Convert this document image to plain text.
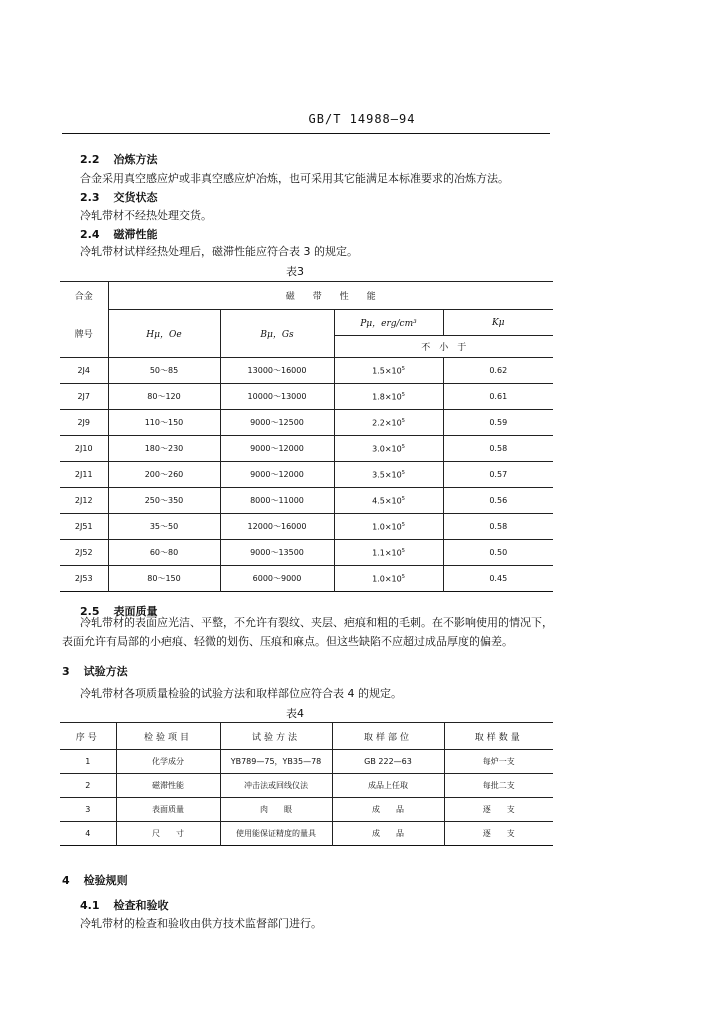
GB/T 14988—94
2.2 冶炼方法
合金采用真空感应炉或非真空感应炉冶炼，也可采用其它能满足本标准要求的冶炼方法。
2.3 交货状态
冷轧带材不经热处理交货。
2.4 磁滞性能
冷轧带材试样经热处理后，磁滞性能应符合表 3 的规定。
表3
合金	磁　　带　　性　　能			
牌号	Hμ，Oe	Bμ，Gs	Pμ，erg/cm³	Kμ
			不　小　于	
2J4	50～85	13000～16000	$1.5\times 10^5$	0.62
2J7	80～120	10000～13000	$1.8\times 10^5$	0.61
2J9	110～150	9000～12500	$2.2\times 10^5$	0.59
2J10	180～230	9000～12000	$3.0\times 10^5$	0.58
2J11	200～260	9000～12000	$3.5\times 10^5$	0.57
2J12	250～350	8000～11000	$4.5\times 10^5$	0.56
2J51	35～50	12000～16000	$1.0\times 10^5$	0.58
2J52	60～80	9000～13500	$1.1\times 10^5$	0.50
2J53	80～150	6000～9000	$1.0\times 10^5$	0.45
2.5 表面质量
冷轧带材的表面应光洁、平整，不允许有裂纹、夹层、疤痕和粗的毛刺。在不影响使用的情况下，
表面允许有局部的小疤痕、轻微的划伤、压痕和麻点。但这些缺陷不应超过成品厚度的偏差。
3 试验方法
冷轧带材各项质量检验的试验方法和取样部位应符合表 4 的规定。
表4
序号	检验项目	试验方法	取样部位	取样数量
1	化学成分	YB789—75，YB35—78	GB 222—63	每炉一支
2	磁滞性能	冲击法或回线仪法	成品上任取	每批二支
3	表面质量	肉　　眼	成　　品	逐　　支
4	尺　　寸	使用能保证精度的量具	成　　品	逐　　支
4 检验规则
4.1 检查和验收
冷轧带材的检查和验收由供方技术监督部门进行。
